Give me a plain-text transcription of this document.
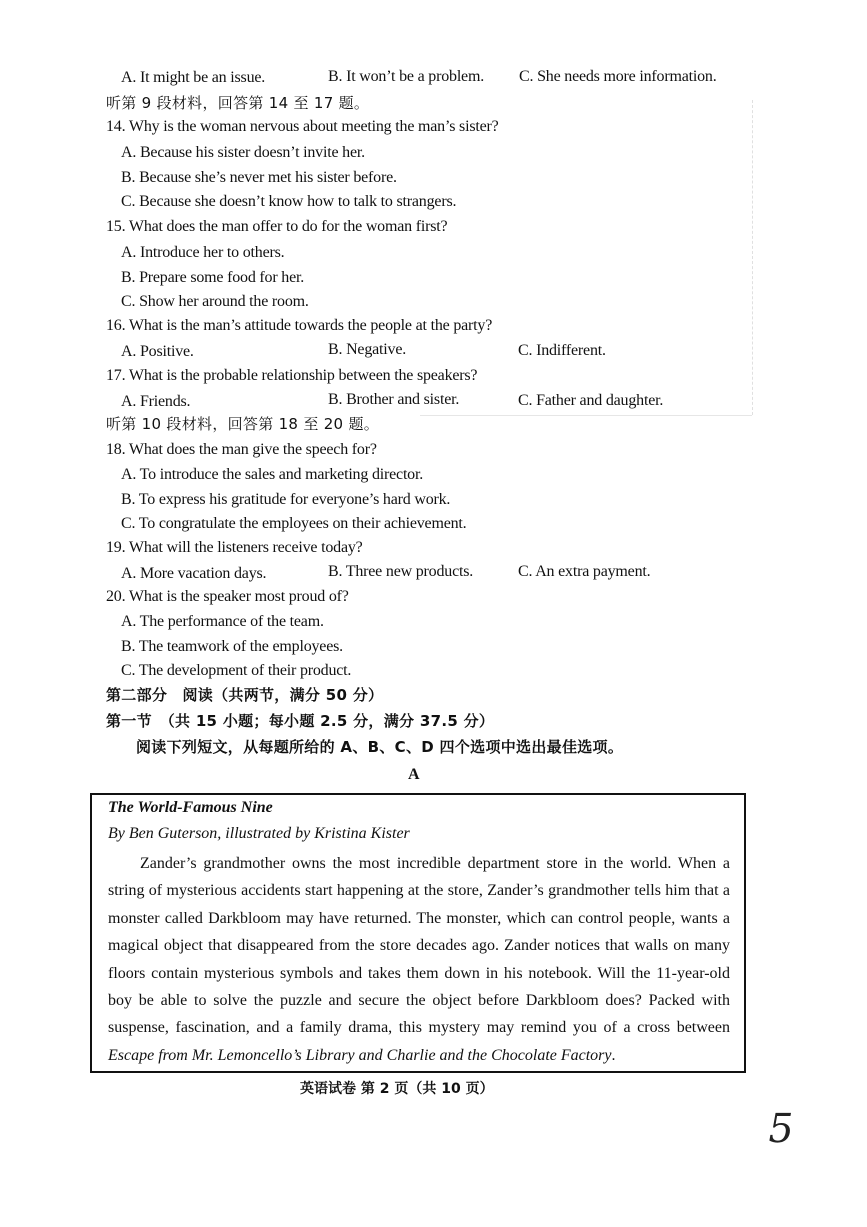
A. It might be an issue.	B. It won’t be a problem. C. She needs more information.
听第 9 段材料，回答第 14 至 17 题。
14. Why is the woman nervous about meeting the man’s sister?
A. Because his sister doesn’t invite her.
B. Because she’s never met his sister before.
C. Because she doesn’t know how to talk to strangers.
15. What does the man offer to do for the woman first?
A. Introduce her to others.
B. Prepare some food for her.
C. Show her around the room.
16. What is the man’s attitude towards the people at the party?
A. Positive.	B. Negative.	C. Indifferent.
17. What is the probable relationship between the speakers?
A. Friends.	B. Brother and sister.	C. Father and daughter.
听第 10 段材料，回答第 18 至 20 题。
18. What does the man give the speech for?
A. To introduce the sales and marketing director.
B. To express his gratitude for everyone’s hard work.
C. To congratulate the employees on their achievement.
19. What will the listeners receive today?
A. More vacation days.	B. Three new products.	C. An extra payment.
20. What is the speaker most proud of?
A. The performance of the team.
B. The teamwork of the employees.
C. The development of their product.
第二部分　阅读（共两节，满分 50 分）
第一节　（共 15 小题；每小题 2.5 分，满分 37.5 分）
阅读下列短文，从每题所给的 A、B、C、D 四个选项中选出最佳选项。
A
The World-Famous Nine
By Ben Guterson, illustrated by Kristina Kister

Zander’s grandmother owns the most incredible department store in the world. When a string of mysterious accidents start happening at the store, Zander’s grandmother tells him that a monster called Darkbloom may have returned. The monster, which can control people, wants a magical object that disappeared from the store decades ago. Zander notices that walls on many floors contain mysterious symbols and takes them down in his notebook. Will the 11-year-old boy be able to solve the puzzle and secure the object before Darkbloom does? Packed with suspense, fascination, and a family drama, this mystery may remind you of a cross between Escape from Mr. Lemoncello’s Library and Charlie and the Chocolate Factory.

英语试卷 第 2 页（共 10 页）
5
